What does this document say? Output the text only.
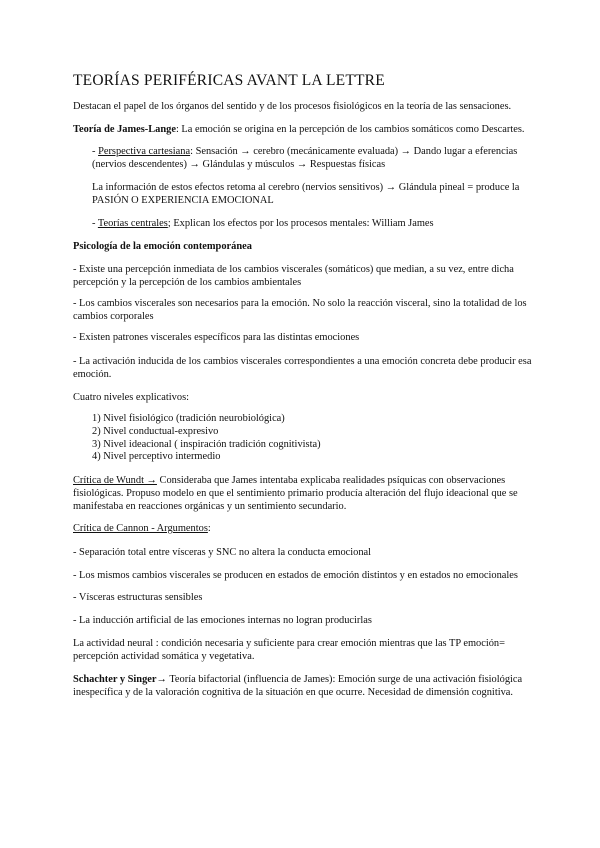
TEORÍAS PERIFÉRICAS AVANT LA LETTRE

Destacan el papel de los órganos del sentido y de los procesos fisiológicos en la teoría de las sensaciones.

Teoría de James-Lange: La emoción se origina en la percepción de los cambios somáticos como Descartes.

- Perspectiva cartesiana: Sensación → cerebro (mecánicamente evaluada) → Dando lugar a eferencias (nervios descendentes) → Glándulas y músculos → Respuestas físicas

La información de estos efectos retoma al cerebro (nervios sensitivos) → Glándula pineal = produce la PASIÓN O EXPERIENCIA EMOCIONAL

- Teorías centrales; Explican los efectos por los procesos mentales: William James

Psicología de la emoción contemporánea

- Existe una percepción inmediata de los cambios viscerales (somáticos) que median, a su vez, entre dicha percepción y la percepción de los cambios ambientales

- Los cambios viscerales son necesarios para la emoción. No solo la reacción visceral, sino la totalidad de los cambios corporales

- Existen patrones viscerales específicos para las distintas emociones

- La activación inducida de los cambios viscerales correspondientes a una emoción concreta debe producir esa emoción.

Cuatro niveles explicativos:

1) Nivel fisiológico (tradición neurobiológica)
2) Nivel conductual-expresivo
3) Nivel ideacional ( inspiración tradición cognitivista)
4) Nivel perceptivo intermedio

Crítica de Wundt → Consideraba que James intentaba explicaba realidades psíquicas con observaciones fisiológicas. Propuso modelo en que el sentimiento primario producía alteración del flujo ideacional que se manifestaba en reacciones orgánicas y un sentimiento secundario.

Crítica de Cannon - Argumentos:

- Separación total entre vísceras y SNC no altera la conducta emocional

- Los mismos cambios viscerales se producen en estados de emoción distintos y en estados no emocionales

- Vísceras estructuras sensibles

- La inducción artificial de las emociones internas no logran producirlas

La actividad neural : condición necesaria y suficiente para crear emoción mientras que las TP emoción= percepción actividad somática y vegetativa.

Schachter y Singer→ Teoría bifactorial (influencia de James): Emoción surge de una activación fisiológica inespecífica y de la valoración cognitiva de la situación en que ocurre. Necesidad de dimensión cognitiva.
